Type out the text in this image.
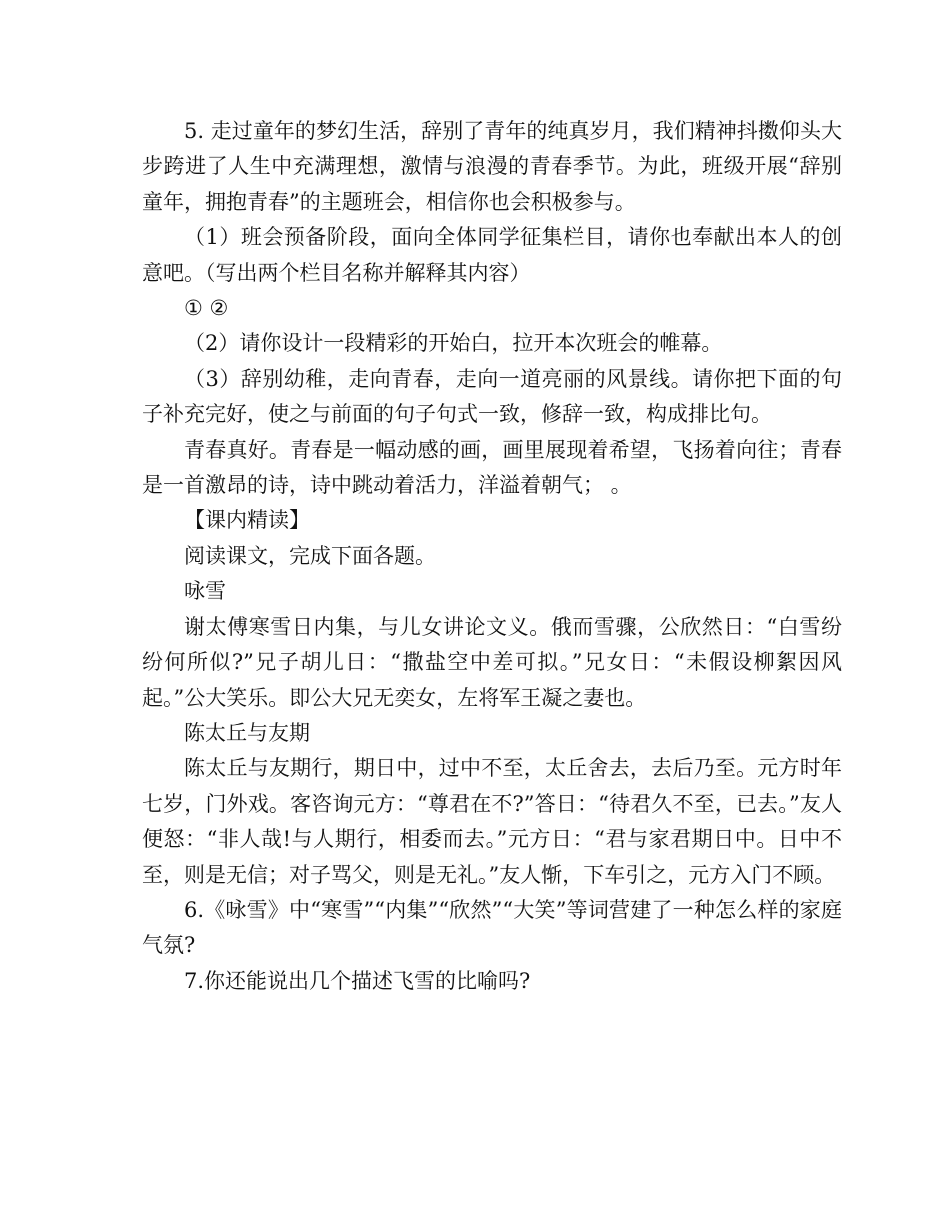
5. 走过童年的梦幻生活，辞别了青年的纯真岁月，我们精神抖擞仰头大步跨进了人生中充满理想，激情与浪漫的青春季节。为此，班级开展“辞别童年，拥抱青春”的主题班会，相信你也会积极参与。

（1）班会预备阶段，面向全体同学征集栏目，请你也奉献出本人的创意吧。（写出两个栏目名称并解释其内容）

① ②

（2）请你设计一段精彩的开始白，拉开本次班会的帷幕。

（3）辞别幼稚，走向青春，走向一道亮丽的风景线。请你把下面的句子补充完好，使之与前面的句子句式一致，修辞一致，构成排比句。

青春真好。青春是一幅动感的画，画里展现着希望，飞扬着向往；青春是一首激昂的诗，诗中跳动着活力，洋溢着朝气； 。

【课内精读】

阅读课文，完成下面各题。

咏雪

谢太傅寒雪日内集，与儿女讲论文义。俄而雪骤，公欣然日：“白雪纷纷何所似?”兄子胡儿日：“撒盐空中差可拟。”兄女日：“未假设柳絮因风起。”公大笑乐。即公大兄无奕女，左将军王凝之妻也。

陈太丘与友期

陈太丘与友期行，期日中，过中不至，太丘舍去，去后乃至。元方时年七岁，门外戏。客咨询元方：“尊君在不?”答日：“待君久不至，已去。”友人便怒：“非人哉!与人期行，相委而去。”元方日：“君与家君期日中。日中不至，则是无信；对子骂父，则是无礼。”友人惭，下车引之，元方入门不顾。

6.《咏雪》中“寒雪”“内集”“欣然”“大笑”等词营建了一种怎么样的家庭气氛?

7.你还能说出几个描述飞雪的比喻吗?
